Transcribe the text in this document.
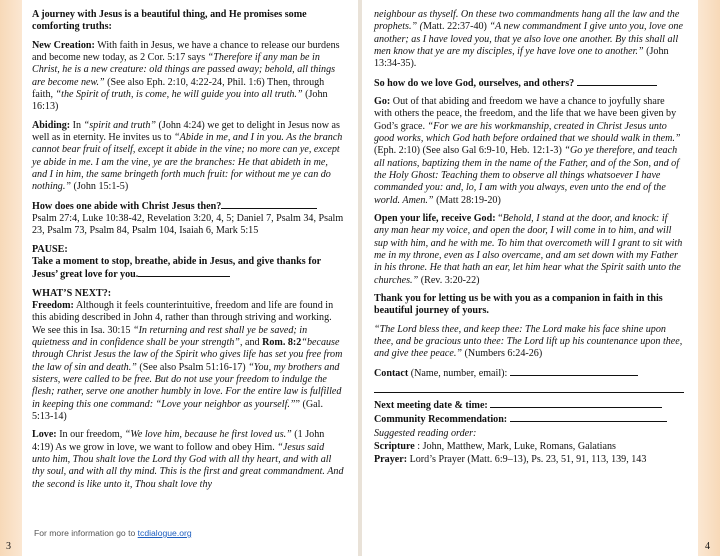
A journey with Jesus is a beautiful thing, and He promises some comforting truths:

New Creation: With faith in Jesus, we have a chance to release our burdens and become new today, as 2 Cor. 5:17 says “Therefore if any man be in Christ, he is a new creature: old things are passed away; behold, all things are become new.” (See also Eph. 2:10, 4:22-24, Phil. 1:6) Then, through faith, “the Spirit of truth, is come, he will guide you into all truth.” (John 16:13)

Abiding: In “spirit and truth” (John 4:24) we get to delight in Jesus now as well as in eternity. He invites us to “Abide in me, and I in you. As the branch cannot bear fruit of itself, except it abide in the vine; no more can ye, except ye abide in me. I am the vine, ye are the branches: He that abideth in me, and I in him, the same bringeth forth much fruit: for without me ye can do nothing.” (John 15:1-5)

How does one abide with Christ Jesus then?
Psalm 27:4, Luke 10:38-42, Revelation 3:20, 4, 5; Daniel 7, Psalm 34, Psalm 23, Psalm 73, Psalm 84, Psalm 104, Isaiah 6, Mark 5:15

PAUSE:
Take a moment to stop, breathe, abide in Jesus, and give thanks for Jesus’ great love for you.

WHAT’S NEXT?:
Freedom: Although it feels counterintuitive, freedom and life are found in this abiding described in John 4, rather than through striving and working. We see this in Isa. 30:15 “In returning and rest shall ye be saved; in quietness and in confidence shall be your strength”, and Rom. 8:2“because through Christ Jesus the law of the Spirit who gives life has set you free from the law of sin and death.” (See also Psalm 51:16-17) “You, my brothers and sisters, were called to be free. But do not use your freedom to indulge the flesh; rather, serve one another humbly in love. For the entire law is fulfilled in keeping this one command: “Love your neighbor as yourself.”” (Gal. 5:13-14)

Love: In our freedom, “We love him, because he first loved us.” (1 John 4:19) As we grow in love, we want to follow and obey Him. “Jesus said unto him, Thou shalt love the Lord thy God with all thy heart, and with all thy soul, and with all thy mind. This is the first and great commandment. And the second is like unto it, Thou shalt love thy

For more information go to tcdialogue.org

neighbour as thyself. On these two commandments hang all the law and the prophets.” (Matt. 22:37-40) “A new commandment I give unto you, love one another; as I have loved you, that ye also love one another. By this shall all men know that ye are my disciples, if ye have love one to another.” (John 13:34-35).

So how do we love God, ourselves, and others?

Go: Out of that abiding and freedom we have a chance to joyfully share with others the peace, the freedom, and the life that we have been given by God’s grace. “For we are his workmanship, created in Christ Jesus unto good works, which God hath before ordained that we should walk in them.” (Eph. 2:10) (See also Gal 6:9-10, Heb. 12:1-3) “Go ye therefore, and teach all nations, baptizing them in the name of the Father, and of the Son, and of the Holy Ghost: Teaching them to observe all things whatsoever I have commanded you: and, lo, I am with you always, even unto the end of the world. Amen.” (Matt 28:19-20)

Open your life, receive God: “Behold, I stand at the door, and knock: if any man hear my voice, and open the door, I will come in to him, and will sup with him, and he with me. To him that overcometh will I grant to sit with me in my throne, even as I also overcame, and am set down with my Father in his throne. He that hath an ear, let him hear what the Spirit saith unto the churches.” (Rev. 3:20-22)

Thank you for letting us be with you as a companion in faith in this beautiful journey of yours.

“The Lord bless thee, and keep thee: The Lord make his face shine upon thee, and be gracious unto thee: The Lord lift up his countenance upon thee, and give thee peace.” (Numbers 6:24-26)

Contact (Name, number, email):

Next meeting date & time:

Community Recommendation:

Suggested reading order:

Scripture : John, Matthew, Mark, Luke, Romans, Galatians

Prayer: Lord’s Prayer (Matt. 6:9–13), Ps. 23, 51, 91, 113, 139, 143

3	4
